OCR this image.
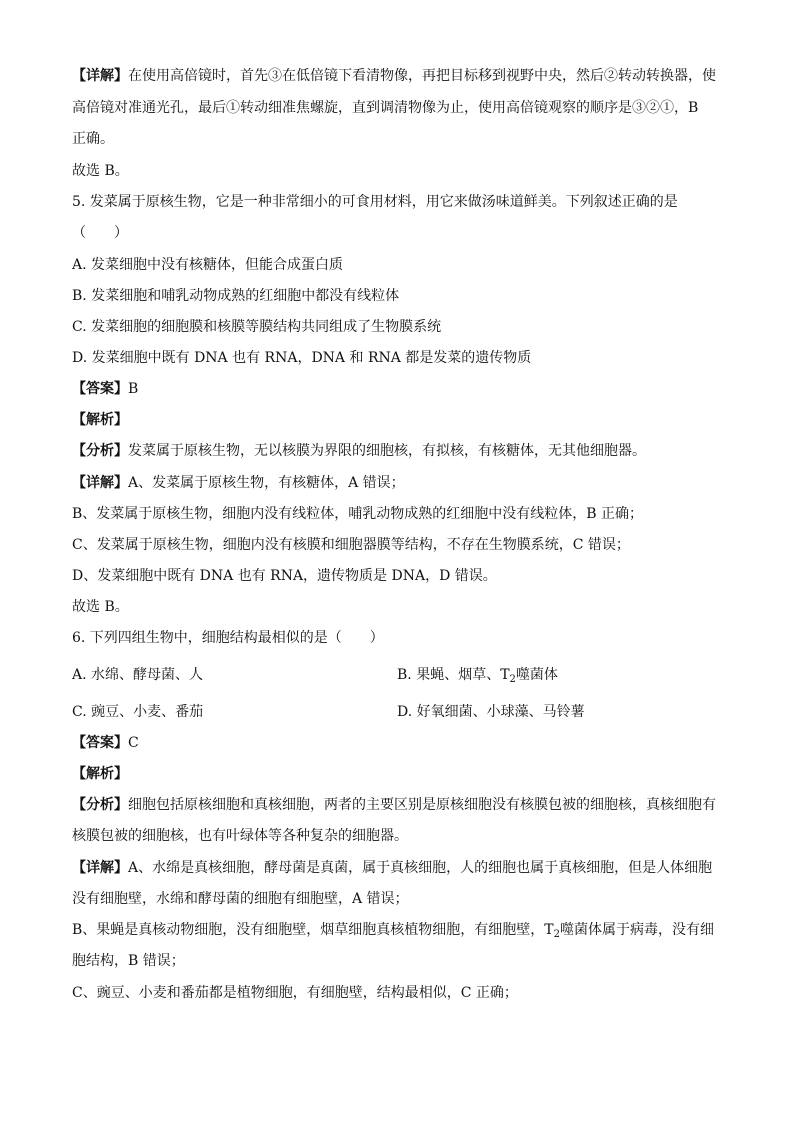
【详解】在使用高倍镜时，首先③在低倍镜下看清物像，再把目标移到视野中央，然后②转动转换器，使
高倍镜对准通光孔，最后①转动细准焦螺旋，直到调清物像为止，使用高倍镜观察的顺序是③②①，B
正确。
故选 B。
5. 发菜属于原核生物，它是一种非常细小的可食用材料，用它来做汤味道鲜美。下列叙述正确的是
（　　）
A. 发菜细胞中没有核糖体，但能合成蛋白质
B. 发菜细胞和哺乳动物成熟的红细胞中都没有线粒体
C. 发菜细胞的细胞膜和核膜等膜结构共同组成了生物膜系统
D. 发菜细胞中既有 DNA 也有 RNA，DNA 和 RNA 都是发菜的遗传物质
【答案】B
【解析】
【分析】发菜属于原核生物，无以核膜为界限的细胞核，有拟核，有核糖体，无其他细胞器。
【详解】A、发菜属于原核生物，有核糖体，A 错误；
B、发菜属于原核生物，细胞内没有线粒体，哺乳动物成熟的红细胞中没有线粒体，B 正确；
C、发菜属于原核生物，细胞内没有核膜和细胞器膜等结构，不存在生物膜系统，C 错误；
D、发菜细胞中既有 DNA 也有 RNA，遗传物质是 DNA，D 错误。
故选 B。
6. 下列四组生物中，细胞结构最相似的是（　　）
A. 水绵、酵母菌、人	B. 果蝇、烟草、$T_2$噬菌体
C. 豌豆、小麦、番茄	D. 好氧细菌、小球藻、马铃薯
【答案】C
【解析】
【分析】细胞包括原核细胞和真核细胞，两者的主要区别是原核细胞没有核膜包被的细胞核，真核细胞有
核膜包被的细胞核，也有叶绿体等各种复杂的细胞器。
【详解】A、水绵是真核细胞，酵母菌是真菌，属于真核细胞，人的细胞也属于真核细胞，但是人体细胞
没有细胞壁，水绵和酵母菌的细胞有细胞壁，A 错误；
B、果蝇是真核动物细胞，没有细胞壁，烟草细胞真核植物细胞，有细胞壁，$T_2$噬菌体属于病毒，没有细
胞结构，B 错误；
C、豌豆、小麦和番茄都是植物细胞，有细胞壁，结构最相似，C 正确；
